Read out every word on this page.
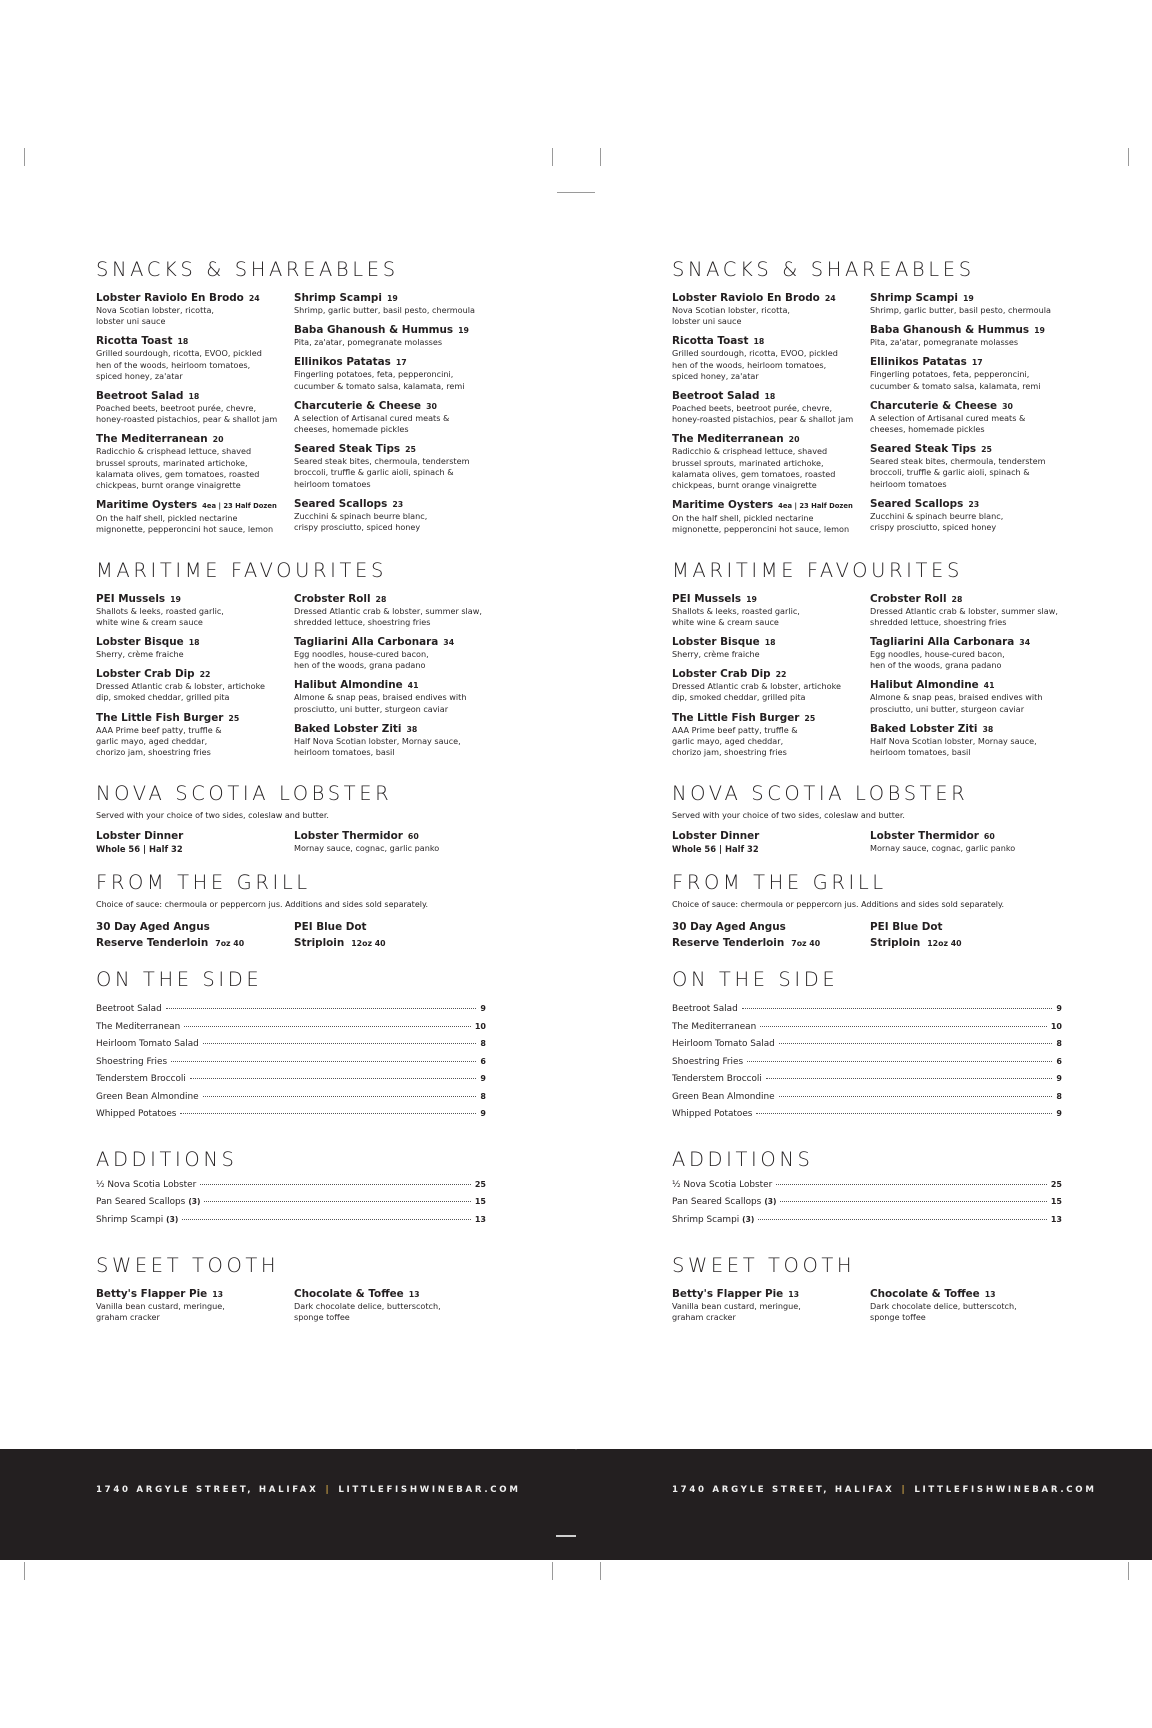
SNACKS & SHAREABLES
Lobster Raviolo En Brodo 24
Nova Scotian lobster, ricotta,
lobster uni sauce
Ricotta Toast 18
Grilled sourdough, ricotta, EVOO, pickled
hen of the woods, heirloom tomatoes,
spiced honey, za'atar
Beetroot Salad 18
Poached beets, beetroot purée, chevre,
honey-roasted pistachios, pear & shallot jam
The Mediterranean 20
Radicchio & crisphead lettuce, shaved
brussel sprouts, marinated artichoke,
kalamata olives, gem tomatoes, roasted
chickpeas, burnt orange vinaigrette
Maritime Oysters 4ea | 23 Half Dozen
On the half shell, pickled nectarine
mignonette, pepperoncini hot sauce, lemon
Shrimp Scampi 19
Shrimp, garlic butter, basil pesto, chermoula
Baba Ghanoush & Hummus 19
Pita, za'atar, pomegranate molasses
Ellinikos Patatas 17
Fingerling potatoes, feta, pepperoncini,
cucumber & tomato salsa, kalamata, remi
Charcuterie & Cheese 30
A selection of Artisanal cured meats &
cheeses, homemade pickles
Seared Steak Tips 25
Seared steak bites, chermoula, tenderstem
broccoli, truffle & garlic aioli, spinach &
heirloom tomatoes
Seared Scallops 23
Zucchini & spinach beurre blanc,
crispy prosciutto, spiced honey
MARITIME FAVOURITES
PEI Mussels 19
Shallots & leeks, roasted garlic,
white wine & cream sauce
Lobster Bisque 18
Sherry, crème fraiche
Lobster Crab Dip 22
Dressed Atlantic crab & lobster, artichoke
dip, smoked cheddar, grilled pita
The Little Fish Burger 25
AAA Prime beef patty, truffle &
garlic mayo, aged cheddar,
chorizo jam, shoestring fries
Crobster Roll 28
Dressed Atlantic crab & lobster, summer slaw,
shredded lettuce, shoestring fries
Tagliarini Alla Carbonara 34
Egg noodles, house-cured bacon,
hen of the woods, grana padano
Halibut Almondine 41
Almone & snap peas, braised endives with
prosciutto, uni butter, sturgeon caviar
Baked Lobster Ziti 38
Half Nova Scotian lobster, Mornay sauce,
heirloom tomatoes, basil
NOVA SCOTIA LOBSTER
Served with your choice of two sides, coleslaw and butter.
Lobster Dinner
Whole 56 | Half 32
Lobster Thermidor 60
Mornay sauce, cognac, garlic panko
FROM THE GRILL
Choice of sauce: chermoula or peppercorn jus. Additions and sides sold separately.
30 Day Aged Angus
Reserve Tenderloin 7oz 40
PEI Blue Dot
Striploin 12oz 40
ON THE SIDE
Beetroot Salad	9
The Mediterranean	10
Heirloom Tomato Salad	8
Shoestring Fries	6
Tenderstem Broccoli	9
Green Bean Almondine	8
Whipped Potatoes	9
ADDITIONS
½ Nova Scotia Lobster	25
Pan Seared Scallops (3)	15
Shrimp Scampi (3)	13
SWEET TOOTH
Betty's Flapper Pie 13
Vanilla bean custard, meringue,
graham cracker
Chocolate & Toffee 13
Dark chocolate delice, butterscotch,
sponge toffee
1740 ARGYLE STREET, HALIFAX | LITTLEFISHWINEBAR.COM
SNACKS & SHAREABLES
Lobster Raviolo En Brodo 24
Nova Scotian lobster, ricotta,
lobster uni sauce
Ricotta Toast 18
Grilled sourdough, ricotta, EVOO, pickled
hen of the woods, heirloom tomatoes,
spiced honey, za'atar
Beetroot Salad 18
Poached beets, beetroot purée, chevre,
honey-roasted pistachios, pear & shallot jam
The Mediterranean 20
Radicchio & crisphead lettuce, shaved
brussel sprouts, marinated artichoke,
kalamata olives, gem tomatoes, roasted
chickpeas, burnt orange vinaigrette
Maritime Oysters 4ea | 23 Half Dozen
On the half shell, pickled nectarine
mignonette, pepperoncini hot sauce, lemon
Shrimp Scampi 19
Shrimp, garlic butter, basil pesto, chermoula
Baba Ghanoush & Hummus 19
Pita, za'atar, pomegranate molasses
Ellinikos Patatas 17
Fingerling potatoes, feta, pepperoncini,
cucumber & tomato salsa, kalamata, remi
Charcuterie & Cheese 30
A selection of Artisanal cured meats &
cheeses, homemade pickles
Seared Steak Tips 25
Seared steak bites, chermoula, tenderstem
broccoli, truffle & garlic aioli, spinach &
heirloom tomatoes
Seared Scallops 23
Zucchini & spinach beurre blanc,
crispy prosciutto, spiced honey
MARITIME FAVOURITES
PEI Mussels 19
Shallots & leeks, roasted garlic,
white wine & cream sauce
Lobster Bisque 18
Sherry, crème fraiche
Lobster Crab Dip 22
Dressed Atlantic crab & lobster, artichoke
dip, smoked cheddar, grilled pita
The Little Fish Burger 25
AAA Prime beef patty, truffle &
garlic mayo, aged cheddar,
chorizo jam, shoestring fries
Crobster Roll 28
Dressed Atlantic crab & lobster, summer slaw,
shredded lettuce, shoestring fries
Tagliarini Alla Carbonara 34
Egg noodles, house-cured bacon,
hen of the woods, grana padano
Halibut Almondine 41
Almone & snap peas, braised endives with
prosciutto, uni butter, sturgeon caviar
Baked Lobster Ziti 38
Half Nova Scotian lobster, Mornay sauce,
heirloom tomatoes, basil
NOVA SCOTIA LOBSTER
Served with your choice of two sides, coleslaw and butter.
Lobster Dinner
Whole 56 | Half 32
Lobster Thermidor 60
Mornay sauce, cognac, garlic panko
FROM THE GRILL
Choice of sauce: chermoula or peppercorn jus. Additions and sides sold separately.
30 Day Aged Angus
Reserve Tenderloin 7oz 40
PEI Blue Dot
Striploin 12oz 40
ON THE SIDE
Beetroot Salad	9
The Mediterranean	10
Heirloom Tomato Salad	8
Shoestring Fries	6
Tenderstem Broccoli	9
Green Bean Almondine	8
Whipped Potatoes	9
ADDITIONS
½ Nova Scotia Lobster	25
Pan Seared Scallops (3)	15
Shrimp Scampi (3)	13
SWEET TOOTH
Betty's Flapper Pie 13
Vanilla bean custard, meringue,
graham cracker
Chocolate & Toffee 13
Dark chocolate delice, butterscotch,
sponge toffee
1740 ARGYLE STREET, HALIFAX | LITTLEFISHWINEBAR.COM
